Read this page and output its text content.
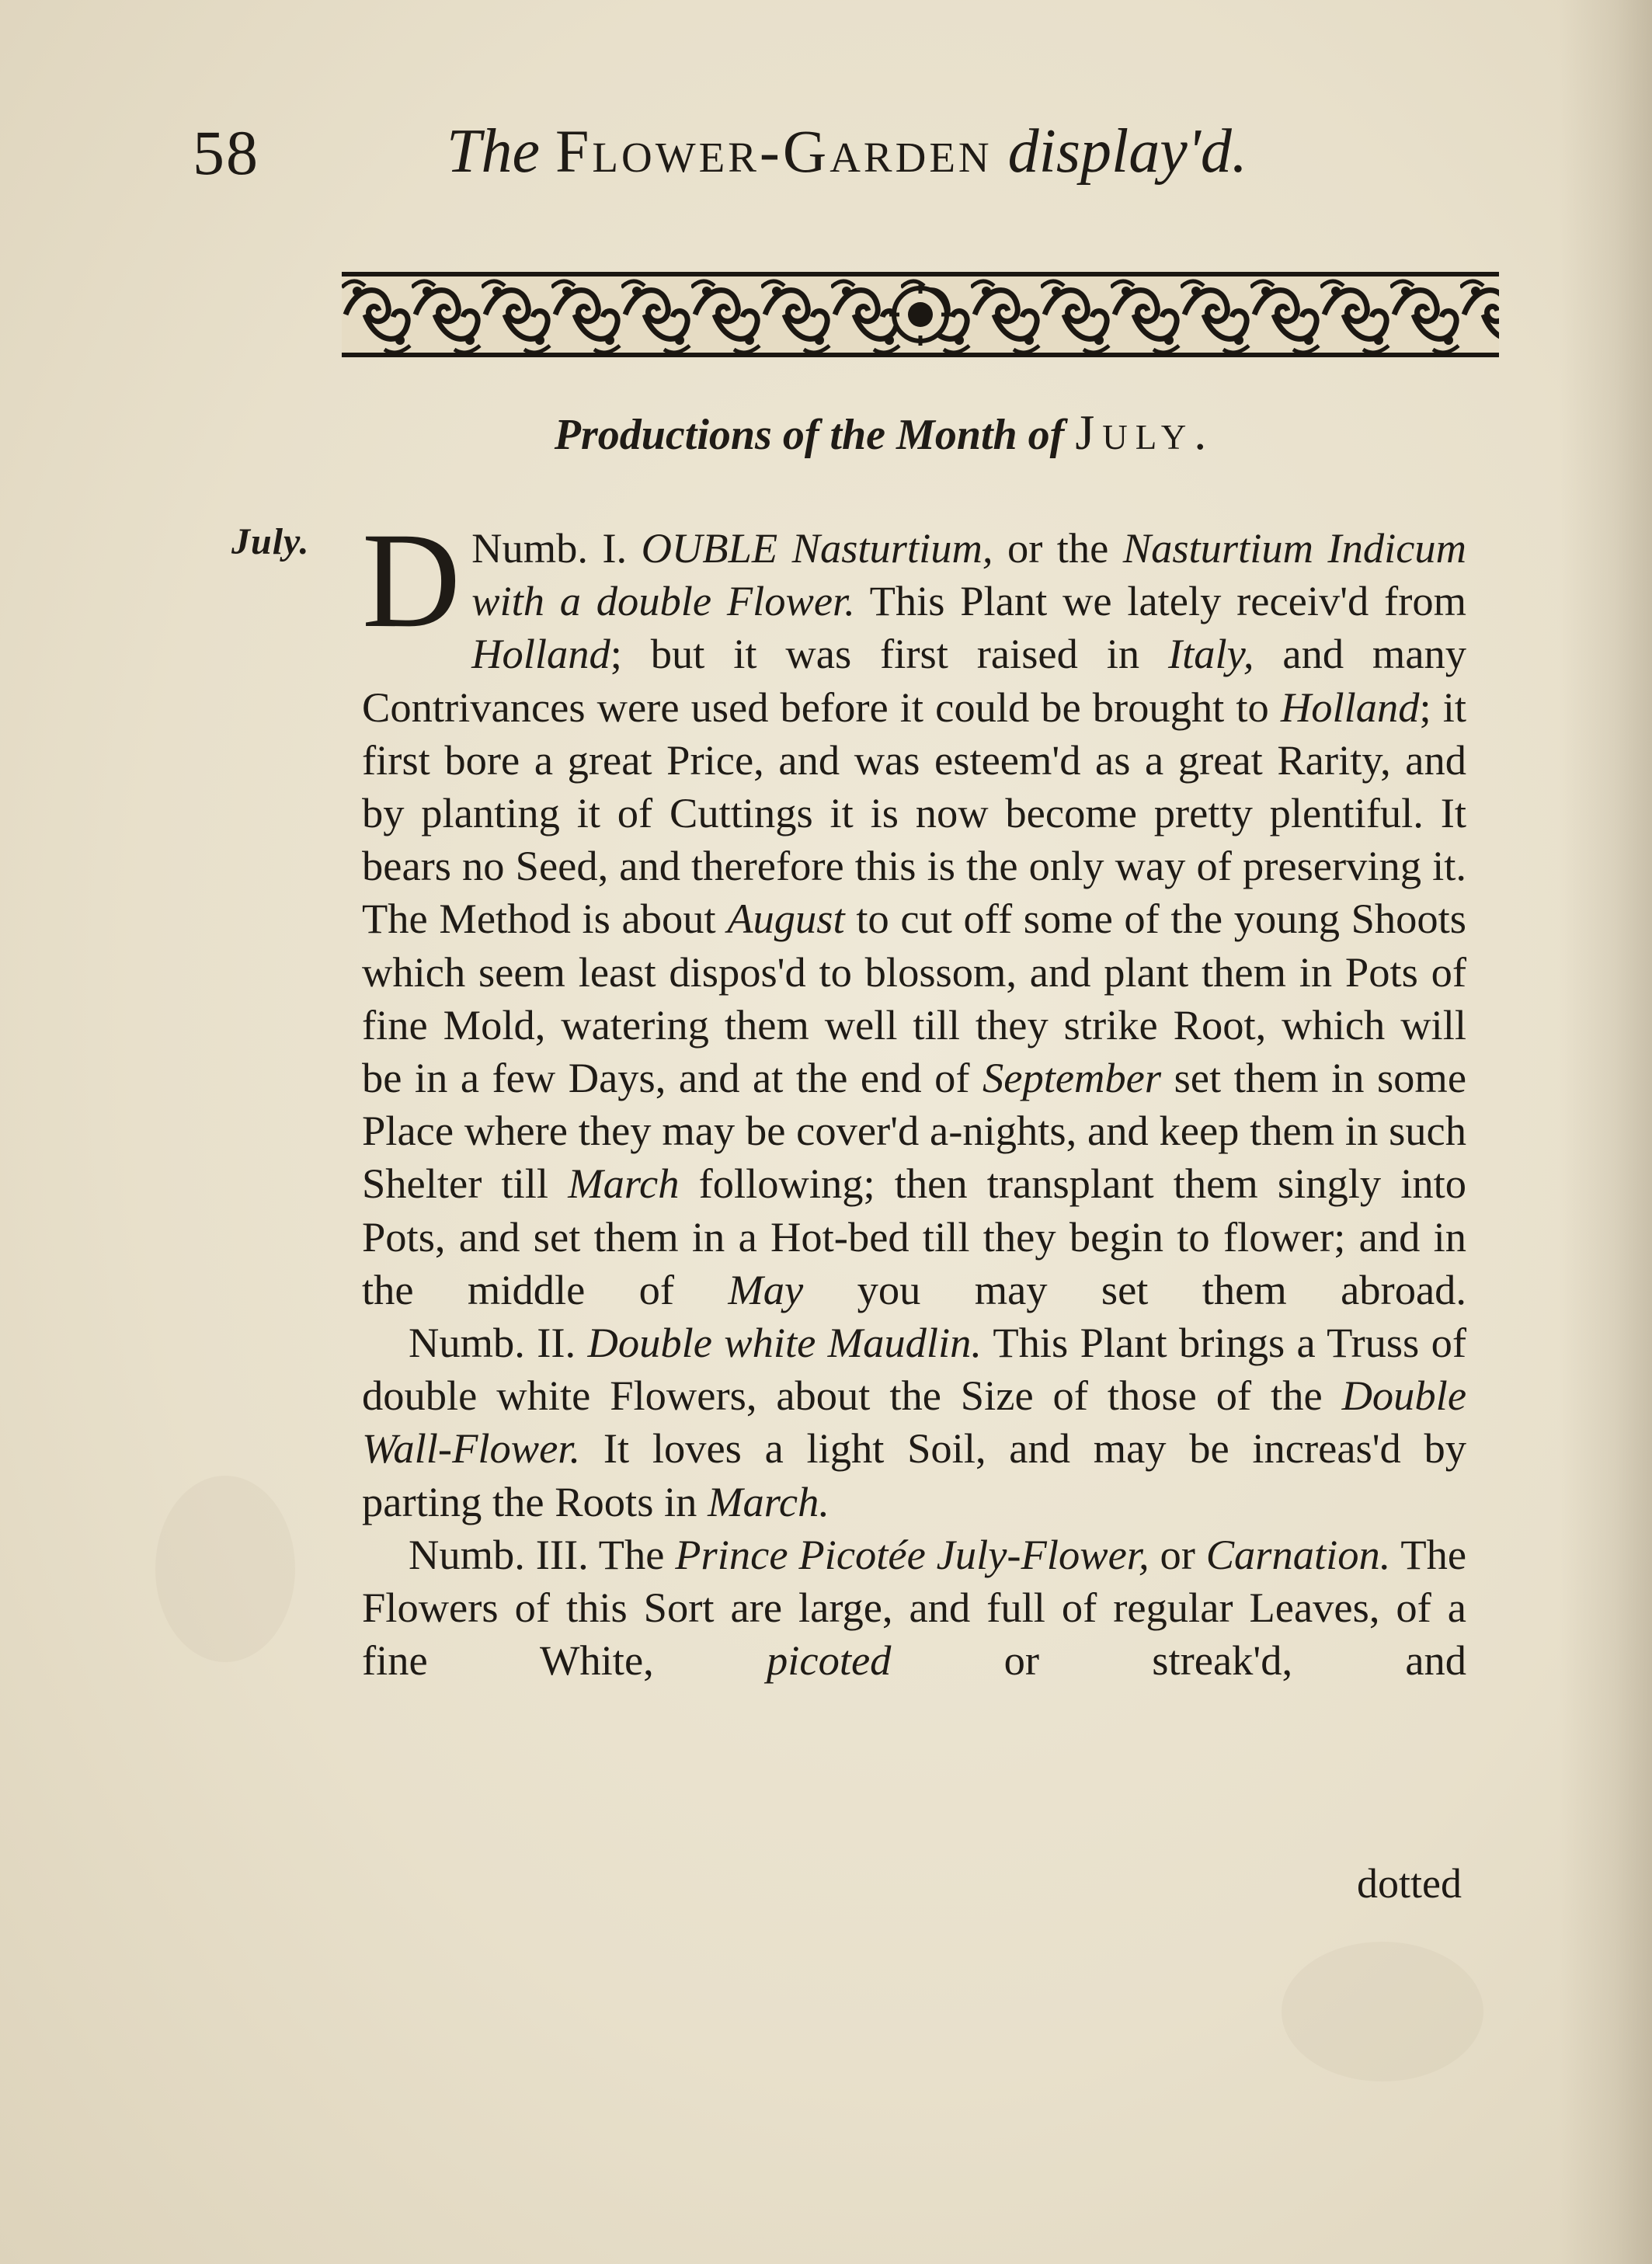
58	The Flower-Garden display'd.
Productions of the Month of July.
July.	Numb. I.
D	OUBLE Nasturtium, or the Nasturtium Indicum with a double Flower. This Plant we lately receiv'd from Holland; but it was first raised in Italy, and many Contrivances were used before it could be brought to Holland; it first bore a great Price, and was esteem'd as a great Rarity, and by planting it of Cuttings it is now become pretty plentiful. It bears no Seed, and therefore this is the only way of preserving it. The Method is about August to cut off some of the young Shoots which seem least dispos'd to blossom, and plant them in Pots of fine Mold, watering them well till they strike Root, which will be in a few Days, and at the end of September set them in some Place where they may be cover'd a-nights, and keep them in such Shelter till March following; then transplant them singly into Pots, and set them in a Hot-bed till they begin to flower; and in the middle of May you may set them abroad.

Numb. II. Double white Maudlin. This Plant brings a Truss of double white Flowers, about the Size of those of the Double Wall-Flower. It loves a light Soil, and may be increas'd by parting the Roots in March.

Numb. III. The Prince Picotée July-Flower, or Carnation. The Flowers of this Sort are large, and full of regular Leaves, of a fine White,	picoted	or streak'd, and

dotted
